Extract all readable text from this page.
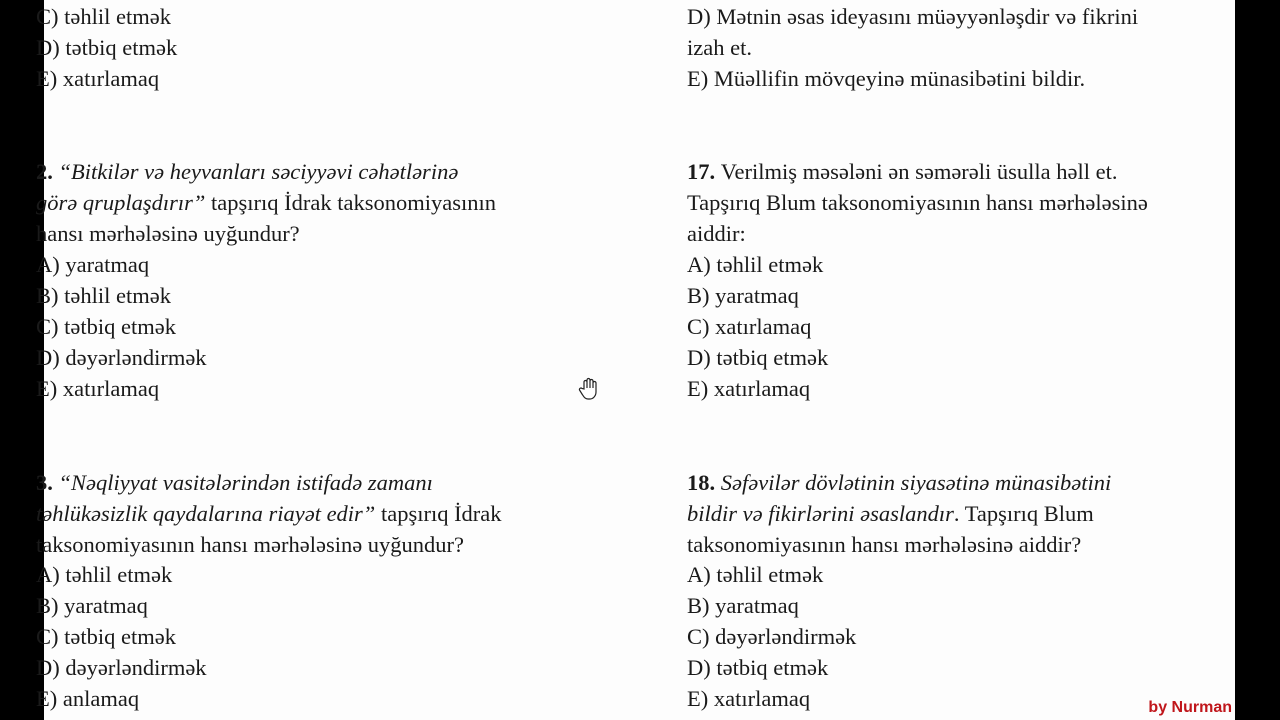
C) təhlil etmək
D) tətbiq etmək
E) xatırlamaq
2. “Bitkilər və heyvanları səciyyəvi cəhətlərinə
görə qruplaşdırır” tapşırıq İdrak taksonomiyasının
hansı mərhələsinə uyğundur?
A) yaratmaq
B) təhlil etmək
C) tətbiq etmək
D) dəyərləndirmək
E) xatırlamaq
3. “Nəqliyyat vasitələrindən istifadə zamanı
təhlükəsizlik qaydalarına riayət edir” tapşırıq İdrak
taksonomiyasının hansı mərhələsinə uyğundur?
A) təhlil etmək
B) yaratmaq
C) tətbiq etmək
D) dəyərləndirmək
E) anlamaq
D) Mətnin əsas ideyasını müəyyənləşdir və fikrini
izah et.
E) Müəllifin mövqeyinə münasibətini bildir.
17. Verilmiş məsələni ən səmərəli üsulla həll et.
Tapşırıq Blum taksonomiyasının hansı mərhələsinə
aiddir:
A) təhlil etmək
B) yaratmaq
C) xatırlamaq
D) tətbiq etmək
E) xatırlamaq
18. Səfəvilər dövlətinin siyasətinə münasibətini
bildir və fikirlərini əsaslandır. Tapşırıq Blum
taksonomiyasının hansı mərhələsinə aiddir?
A) təhlil etmək
B) yaratmaq
C) dəyərləndirmək
D) tətbiq etmək
E) xatırlamaq	by Nurman
